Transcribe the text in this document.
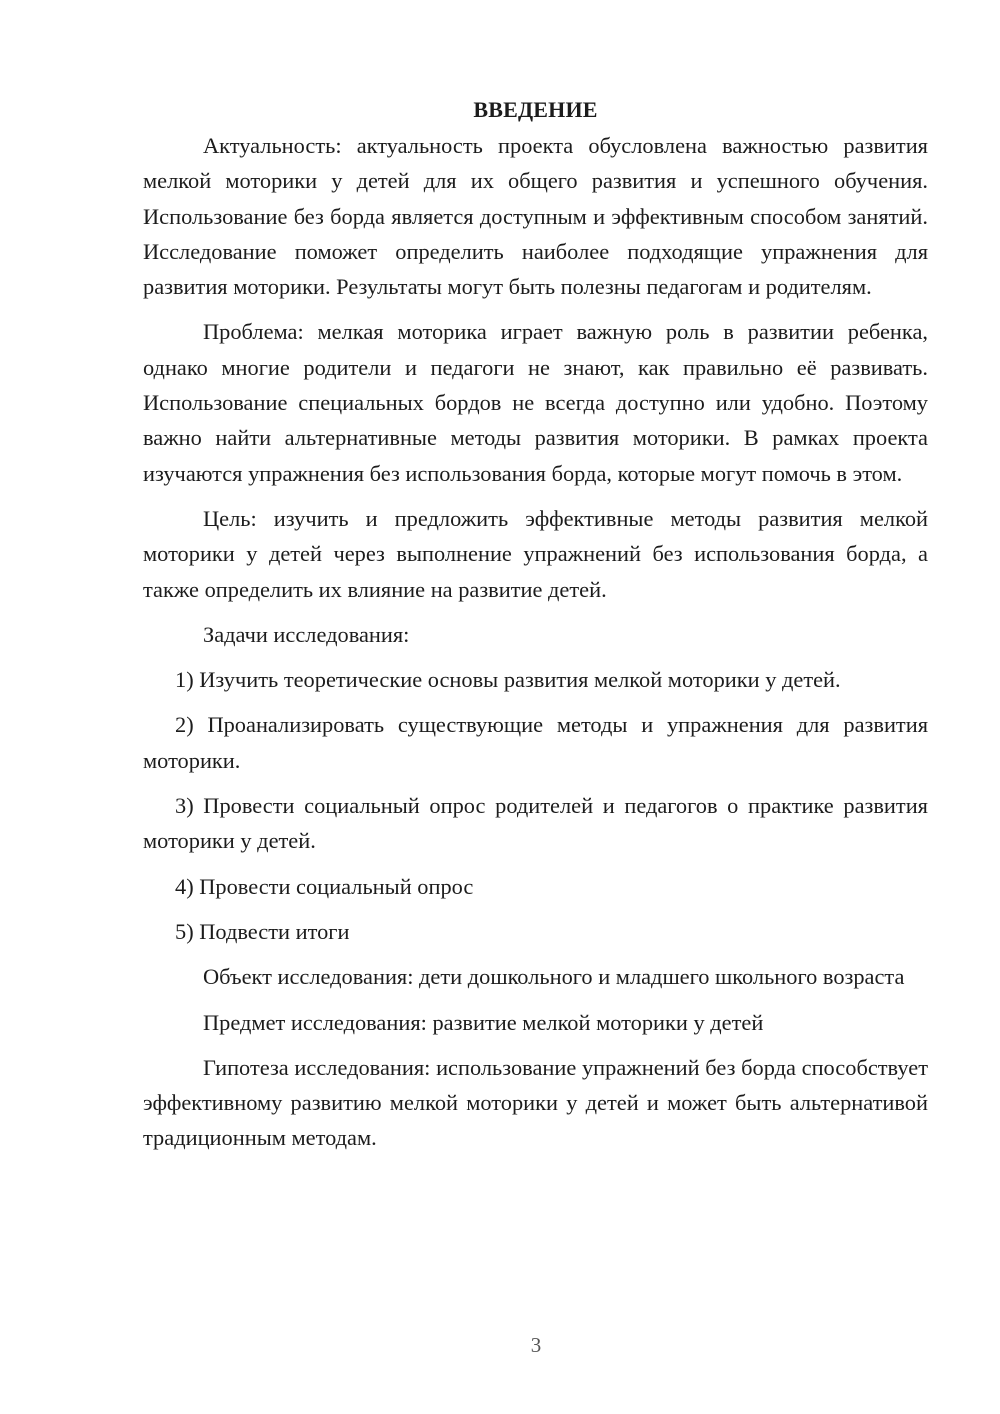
ВВЕДЕНИЕ

Актуальность: актуальность проекта обусловлена важностью развития мелкой моторики у детей для их общего развития и успешного обучения. Использование без борда является доступным и эффективным способом занятий. Исследование поможет определить наиболее подходящие упражнения для развития моторики. Результаты могут быть полезны педагогам и родителям.

Проблема: мелкая моторика играет важную роль в развитии ребенка, однако многие родители и педагоги не знают, как правильно её развивать. Использование специальных бордов не всегда доступно или удобно. Поэтому важно найти альтернативные методы развития моторики. В рамках проекта изучаются упражнения без использования борда, которые могут помочь в этом.

Цель: изучить и предложить эффективные методы развития мелкой моторики у детей через выполнение упражнений без использования борда, а также определить их влияние на развитие детей.

Задачи исследования:

1) Изучить теоретические основы развития мелкой моторики у детей.

2) Проанализировать существующие методы и упражнения для развития моторики.

3) Провести социальный опрос родителей и педагогов о практике развития моторики у детей.

4) Провести социальный опрос

5) Подвести итоги

Объект исследования: дети дошкольного и младшего школьного возраста

Предмет исследования: развитие мелкой моторики у детей

Гипотеза исследования: использование упражнений без борда способствует эффективному развитию мелкой моторики у детей и может быть альтернативой традиционным методам.

3
